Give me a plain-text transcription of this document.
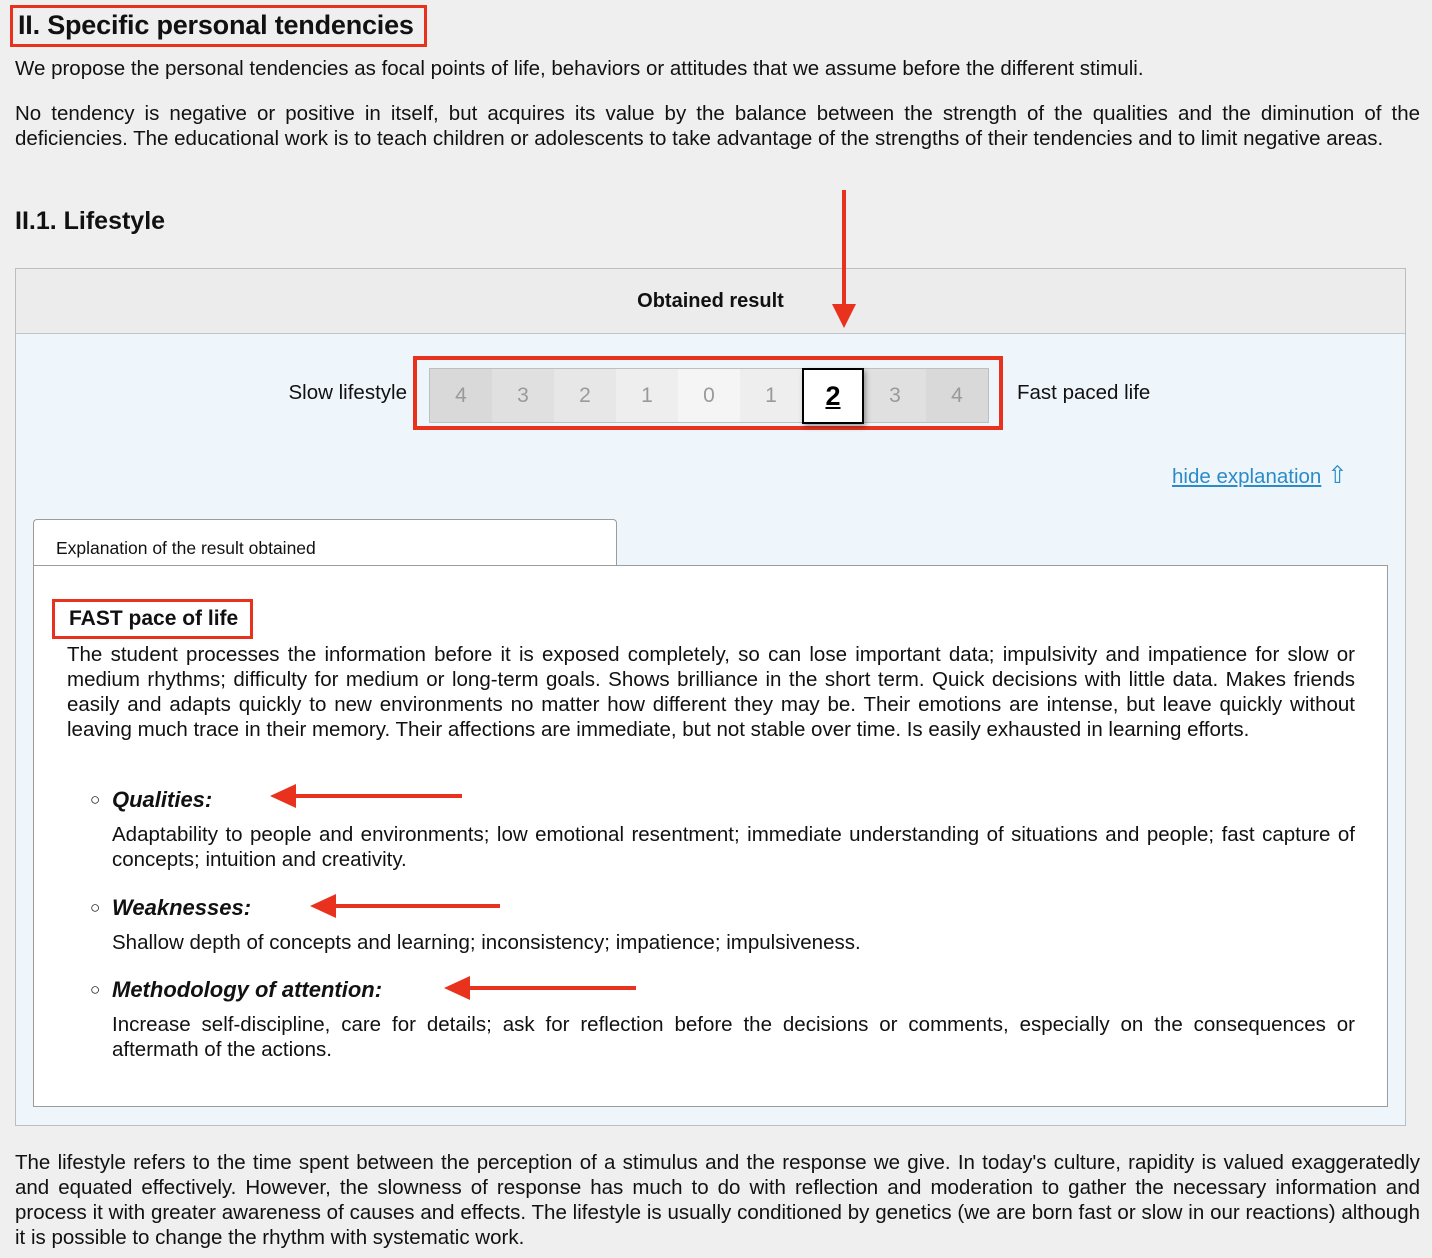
II. Specific personal tendencies

We propose the personal tendencies as focal points of life, behaviors or attitudes that we assume before the different stimuli.

No tendency is negative or positive in itself, but acquires its value by the balance between the strength of the qualities and the diminution of the deficiencies. The educational work is to teach children or adolescents to take advantage of the strengths of their tendencies and to limit negative areas.

II.1. Lifestyle
Obtained result
Slow lifestyle	4	3	2	1	0	1	2	3	4	Fast paced life
hide explanation ⇧
Explanation of the result obtained
FAST pace of life

The student processes the information before it is exposed completely, so can lose important data; impulsivity and impatience for slow or medium rhythms; difficulty for medium or long-term goals. Shows brilliance in the short term. Quick decisions with little data. Makes friends easily and adapts quickly to new environments no matter how different they may be. Their emotions are intense, but leave quickly without leaving much trace in their memory. Their affections are immediate, but not stable over time. Is easily exhausted in learning efforts.

○ Qualities:
Adaptability to people and environments; low emotional resentment; immediate understanding of situations and people; fast capture of concepts; intuition and creativity.
○ Weaknesses:
Shallow depth of concepts and learning; inconsistency; impatience; impulsiveness.
○ Methodology of attention:
Increase self-discipline, care for details; ask for reflection before the decisions or comments, especially on the consequences or aftermath of the actions.

The lifestyle refers to the time spent between the perception of a stimulus and the response we give. In today's culture, rapidity is valued exaggeratedly and equated effectively. However, the slowness of response has much to do with reflection and moderation to gather the necessary information and process it with greater awareness of causes and effects. The lifestyle is usually conditioned by genetics (we are born fast or slow in our reactions) although it is possible to change the rhythm with systematic work.
